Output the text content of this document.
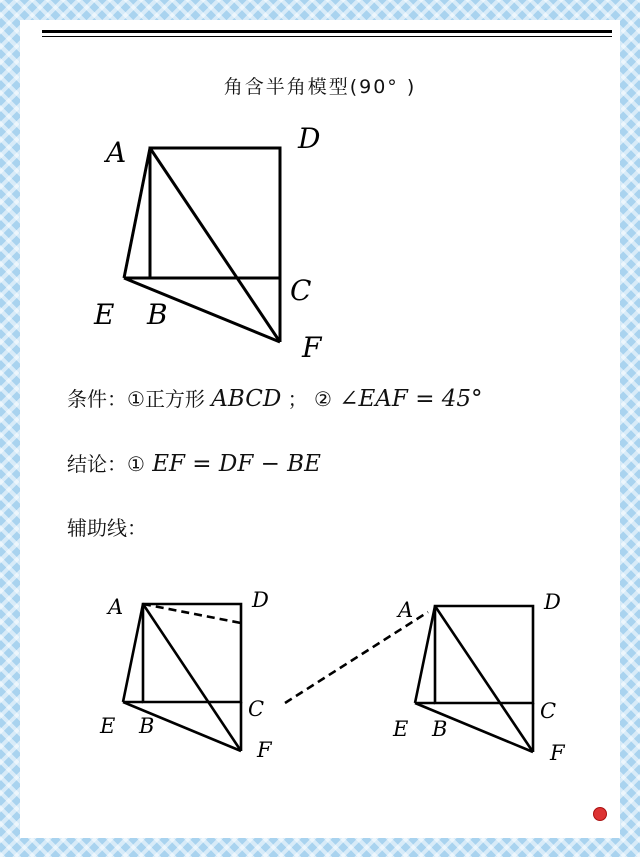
角含半角模型(90° )
A	D
C
E B
F
A	D
C
E B
F
A	D
C
E B
F
条件：①正方形 ABCD ； ② ∠EAF = 45°
结论：① EF = DF − BE
辅助线：
